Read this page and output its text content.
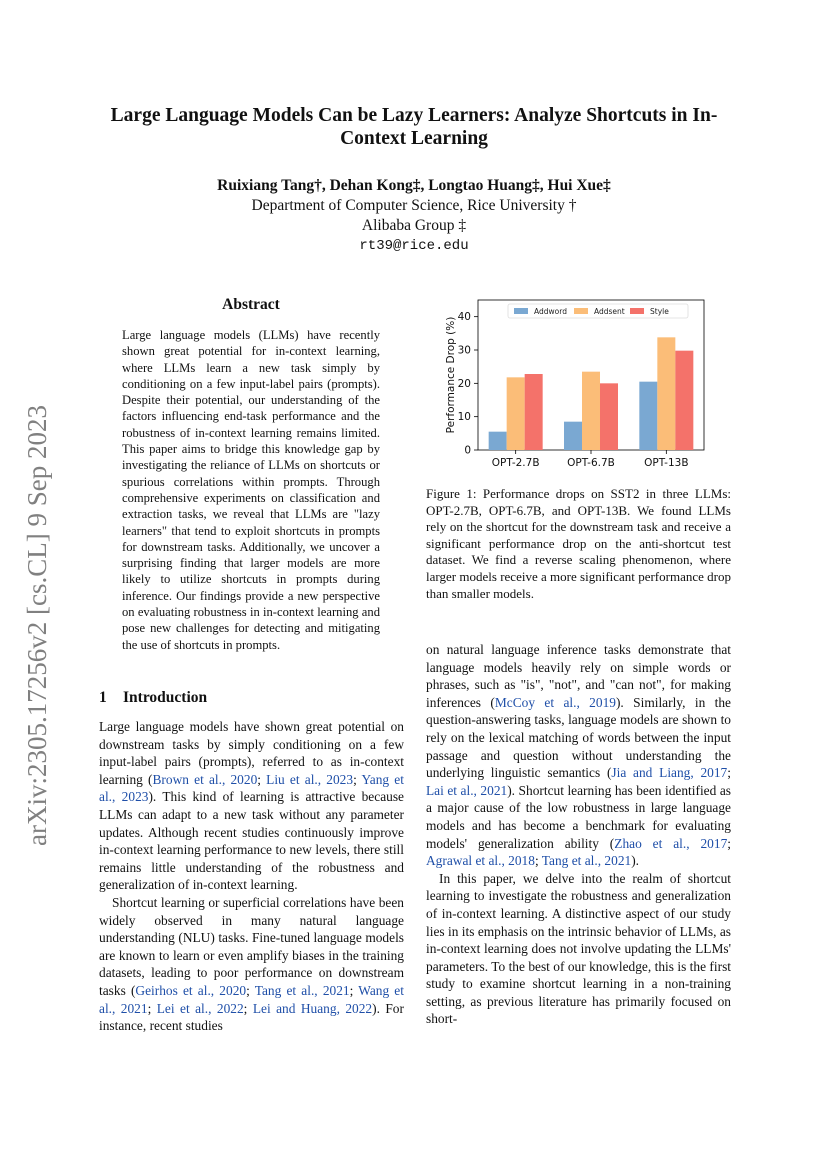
arXiv:2305.17256v2 [cs.CL] 9 Sep 2023
Large Language Models Can be Lazy Learners: Analyze Shortcuts in In-Context Learning
Ruixiang Tang†, Dehan Kong‡, Longtao Huang‡, Hui Xue‡
Department of Computer Science, Rice University †
Alibaba Group ‡
rt39@rice.edu
Abstract
Large language models (LLMs) have recently shown great potential for in-context learning, where LLMs learn a new task simply by conditioning on a few input-label pairs (prompts). Despite their potential, our understanding of the factors influencing end-task performance and the robustness of in-context learning remains limited. This paper aims to bridge this knowledge gap by investigating the reliance of LLMs on shortcuts or spurious correlations within prompts. Through comprehensive experiments on classification and extraction tasks, we reveal that LLMs are "lazy learners" that tend to exploit shortcuts in prompts for downstream tasks. Additionally, we uncover a surprising finding that larger models are more likely to utilize shortcuts in prompts during inference. Our findings provide a new perspective on evaluating robustness in in-context learning and pose new challenges for detecting and mitigating the use of shortcuts in prompts.
1 Introduction

Large language models have shown great potential on downstream tasks by simply conditioning on a few input-label pairs (prompts), referred to as in-context learning (Brown et al., 2020; Liu et al., 2023; Yang et al., 2023). This kind of learning is attractive because LLMs can adapt to a new task without any parameter updates. Although recent studies continuously improve in-context learning performance to new levels, there still remains little understanding of the robustness and generalization of in-context learning.

Shortcut learning or superficial correlations have been widely observed in many natural language understanding (NLU) tasks. Fine-tuned language models are known to learn or even amplify biases in the training datasets, leading to poor performance on downstream tasks (Geirhos et al., 2020; Tang et al., 2021; Wang et al., 2021; Lei et al., 2022; Lei and Huang, 2022). For instance, recent studies

0
10
20
30
40
OPT-2.7B	OPT-6.7B	OPT-13B
Addword	Addsent	Style
Performance Drop (%)
Figure 1: Performance drops on SST2 in three LLMs: OPT-2.7B, OPT-6.7B, and OPT-13B. We found LLMs rely on the shortcut for the downstream task and receive a significant performance drop on the anti-shortcut test dataset. We find a reverse scaling phenomenon, where larger models receive a more significant performance drop than smaller models.

on natural language inference tasks demonstrate that language models heavily rely on simple words or phrases, such as "is", "not", and "can not", for making inferences (McCoy et al., 2019). Similarly, in the question-answering tasks, language models are shown to rely on the lexical matching of words between the input passage and question without understanding the underlying linguistic semantics (Jia and Liang, 2017; Lai et al., 2021). Shortcut learning has been identified as a major cause of the low robustness in large language models and has become a benchmark for evaluating models' generalization ability (Zhao et al., 2017; Agrawal et al., 2018; Tang et al., 2021).

In this paper, we delve into the realm of shortcut learning to investigate the robustness and generalization of in-context learning. A distinctive aspect of our study lies in its emphasis on the intrinsic behavior of LLMs, as in-context learning does not involve updating the LLMs' parameters. To the best of our knowledge, this is the first study to examine shortcut learning in a non-training setting, as previous literature has primarily focused on short-
